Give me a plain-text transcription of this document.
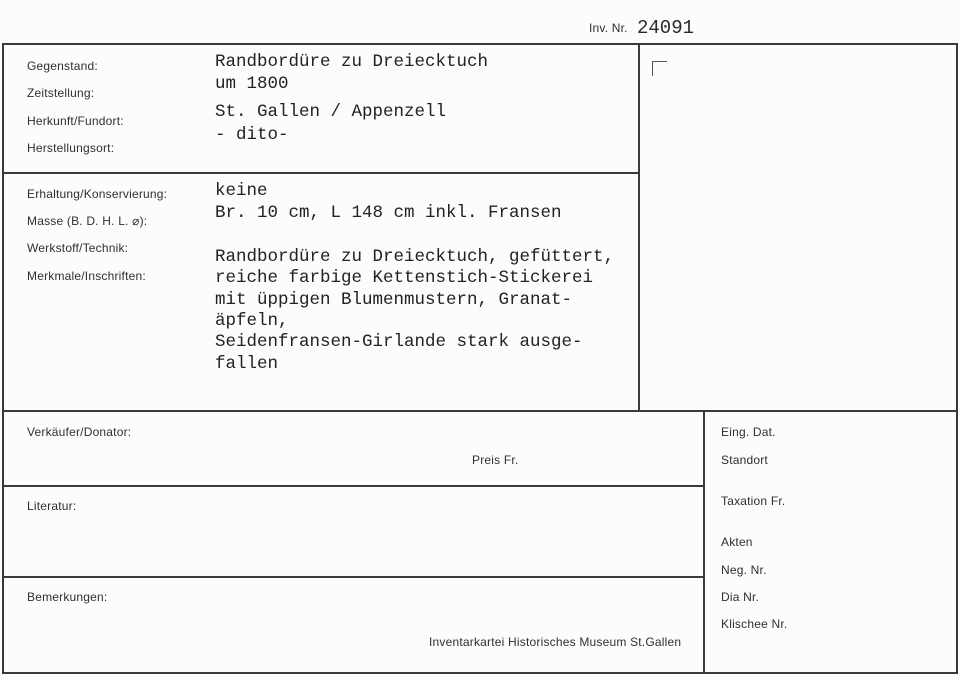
Inv. Nr. 24091
Gegenstand:
Zeitstellung:
Herkunft/Fundort:
Herstellungsort:
Randbordüre zu Dreiecktuch
um 1800
St. Gallen / Appenzell
- dito-
Erhaltung/Konservierung:
Masse (B. D. H. L. ⌀):
Werkstoff/Technik:
Merkmale/Inschriften:
keine
Br. 10 cm, L 148 cm inkl. Fransen
Randbordüre zu Dreiecktuch, gefüttert,
reiche farbige Kettenstich-Stickerei
mit üppigen Blumenmustern, Granat-
äpfeln,
Seidenfransen-Girlande stark ausge-
fallen
Verkäufer/Donator:
Preis Fr.
Literatur:
Bemerkungen:
Inventarkartei Historisches Museum St.Gallen
Eing. Dat.
Standort
Taxation Fr.
Akten
Neg. Nr.
Dia Nr.
Klischee Nr.
